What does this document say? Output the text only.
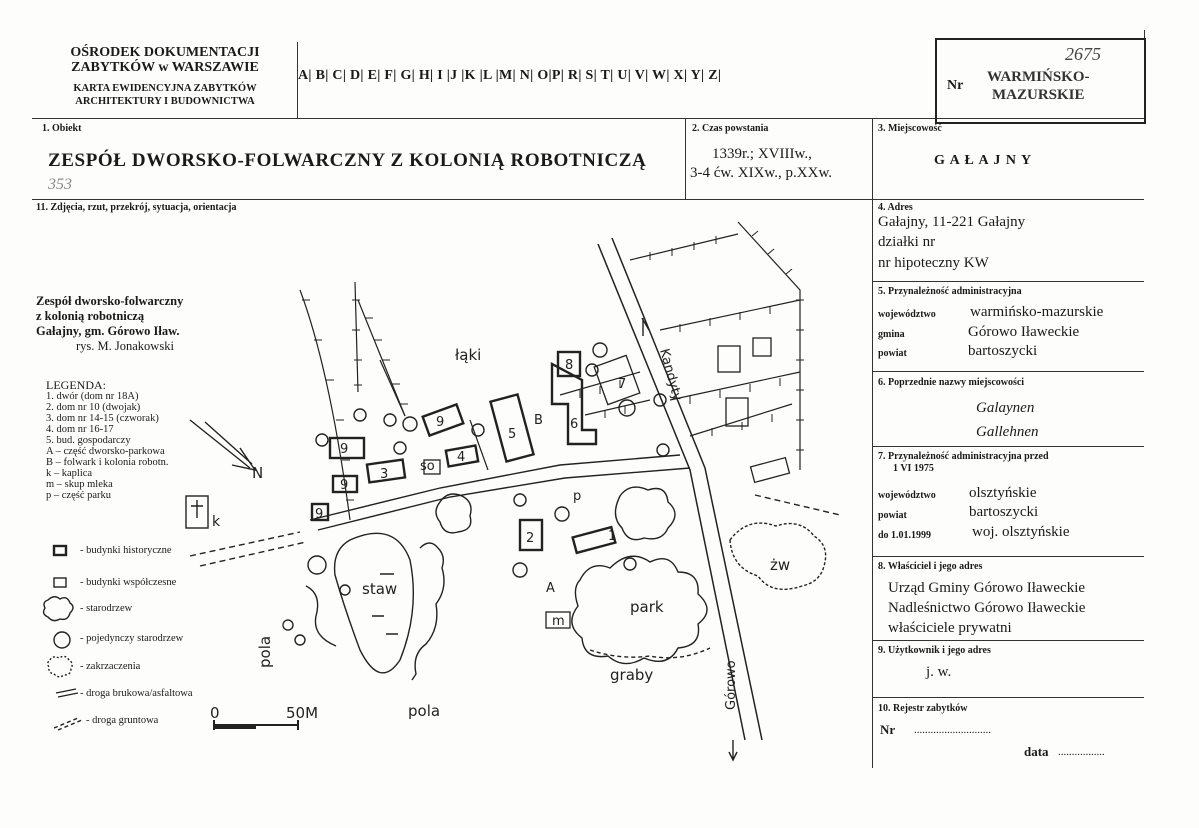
OŚRODEK DOKUMENTACJI
ZABYTKÓW w WARSZAWIE
KARTA EWIDENCYJNA ZABYTKÓW
ARCHITEKTURY I BUDOWNICTWA
A| B| C| D| E| F| G| H| I |J |K |L |M| N| O|P| R| S| T| U| V| W| X| Y| Z|
2675
Nr
WARMIŃSKO-
MAZURSKIE
1. Obiekt
ZESPÓŁ DWORSKO-FOLWARCZNY Z KOLONIĄ ROBOTNICZĄ
353
2. Czas powstania
1339r.; XVIIIw.,
3-4 ćw. XIXw., p.XXw.
3. Miejscowość
G A Ł A J N Y
4. Adres
Gałajny, 11-221 Gałajny
działki nr
nr hipoteczny KW
5. Przynależność administracyjna
województwo warmińsko-mazurskie
gmina	Górowo Iławeckie
powiat	bartoszycki
6. Poprzednie nazwy miejscowości
Galaynen
Gallehnen
7. Przynależność administracyjna przed
1 VI 1975
województwo olsztyńskie
powiat	bartoszycki
do 1.01.1999	woj. olsztyńskie
8. Właściciel i jego adres
Urząd Gminy Górowo Iławeckie
Nadleśnictwo Górowo Iławeckie
właściciele prywatni
9. Użytkownik i jego adres
j. w.
10. Rejestr zabytków
Nr ............................
data .................
11. Zdjęcia, rzut, przekrój, sytuacja, orientacja
Zespół dworsko-folwarczny
z kolonią robotniczą
Gałajny, gm. Górowo Iław.
rys. M. Jonakowski
LEGENDA:
1. dwór (dom nr 18A)
2. dom nr 10 (dwojak)
3. dom nr 14-15 (czworak)
4. dom nr 16-17
5. bud. gospodarczy
A – część dworsko-parkowa
B – folwark i kolonia robotn.
k – kaplica
m – skup mleka
p – część parku
- budynki historyczne
- budynki współczesne
- starodrzew
- pojedynczy starodrzew
- zakrzaczenia
- droga brukowa/asfaltowa
- droga gruntowa
N
k
Kandyty
Górowo
5
B
8
6
7
9
4
9
3
9
9
so
2	1
m
p
A
łąki
staw
park
graby
żw
pola
pola
0	50M
